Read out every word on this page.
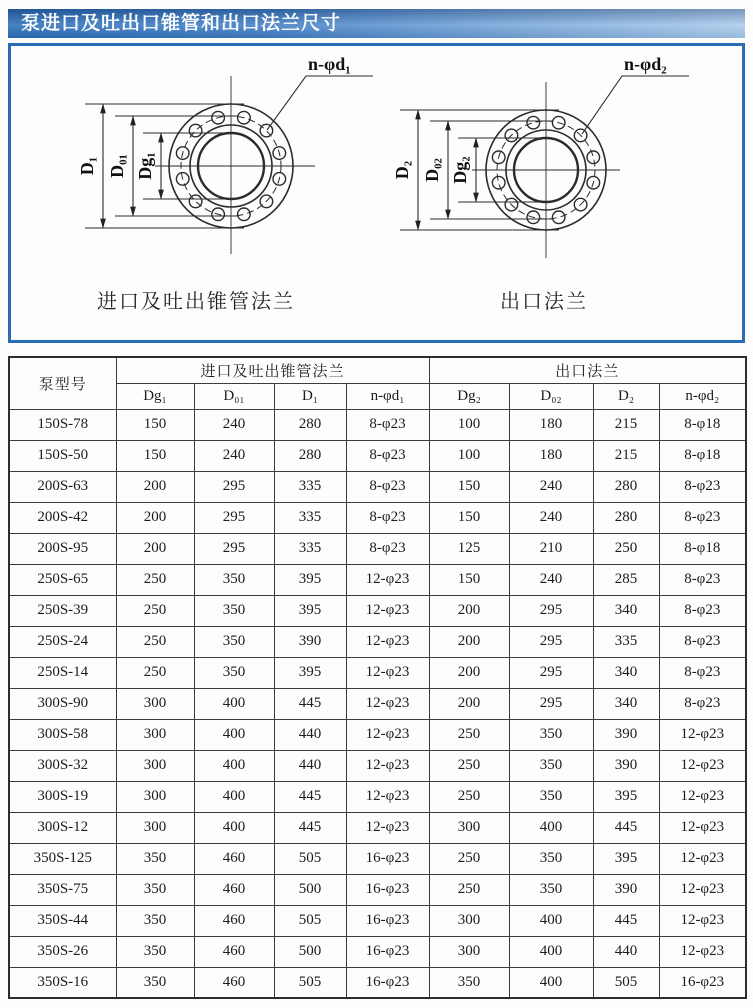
泵进口及吐出口锥管和出口法兰尺寸
D₁ D₀₁ Dg₁
n-φd₁
进口及吐出锥管法兰
D₂ D₀₂ Dg₂
n-φd₂
出口法兰
泵型号	进口及吐出锥管法兰				出口法兰			
	Dg₁	D₀₁	D₁	n-φd₁	Dg₂	D₀₂	D₂	n-φd₂
150S-78	150	240	280	8-φ23	100	180	215	8-φ18
150S-50	150	240	280	8-φ23	100	180	215	8-φ18
200S-63	200	295	335	8-φ23	150	240	280	8-φ23
200S-42	200	295	335	8-φ23	150	240	280	8-φ23
200S-95	200	295	335	8-φ23	125	210	250	8-φ18
250S-65	250	350	395	12-φ23	150	240	285	8-φ23
250S-39	250	350	395	12-φ23	200	295	340	8-φ23
250S-24	250	350	390	12-φ23	200	295	335	8-φ23
250S-14	250	350	395	12-φ23	200	295	340	8-φ23
300S-90	300	400	445	12-φ23	200	295	340	8-φ23
300S-58	300	400	440	12-φ23	250	350	390	12-φ23
300S-32	300	400	440	12-φ23	250	350	390	12-φ23
300S-19	300	400	445	12-φ23	250	350	395	12-φ23
300S-12	300	400	445	12-φ23	300	400	445	12-φ23
350S-125	350	460	505	16-φ23	250	350	395	12-φ23
350S-75	350	460	500	16-φ23	250	350	390	12-φ23
350S-44	350	460	505	16-φ23	300	400	445	12-φ23
350S-26	350	460	500	16-φ23	300	400	440	12-φ23
350S-16	350	460	505	16-φ23	350	400	505	16-φ23
